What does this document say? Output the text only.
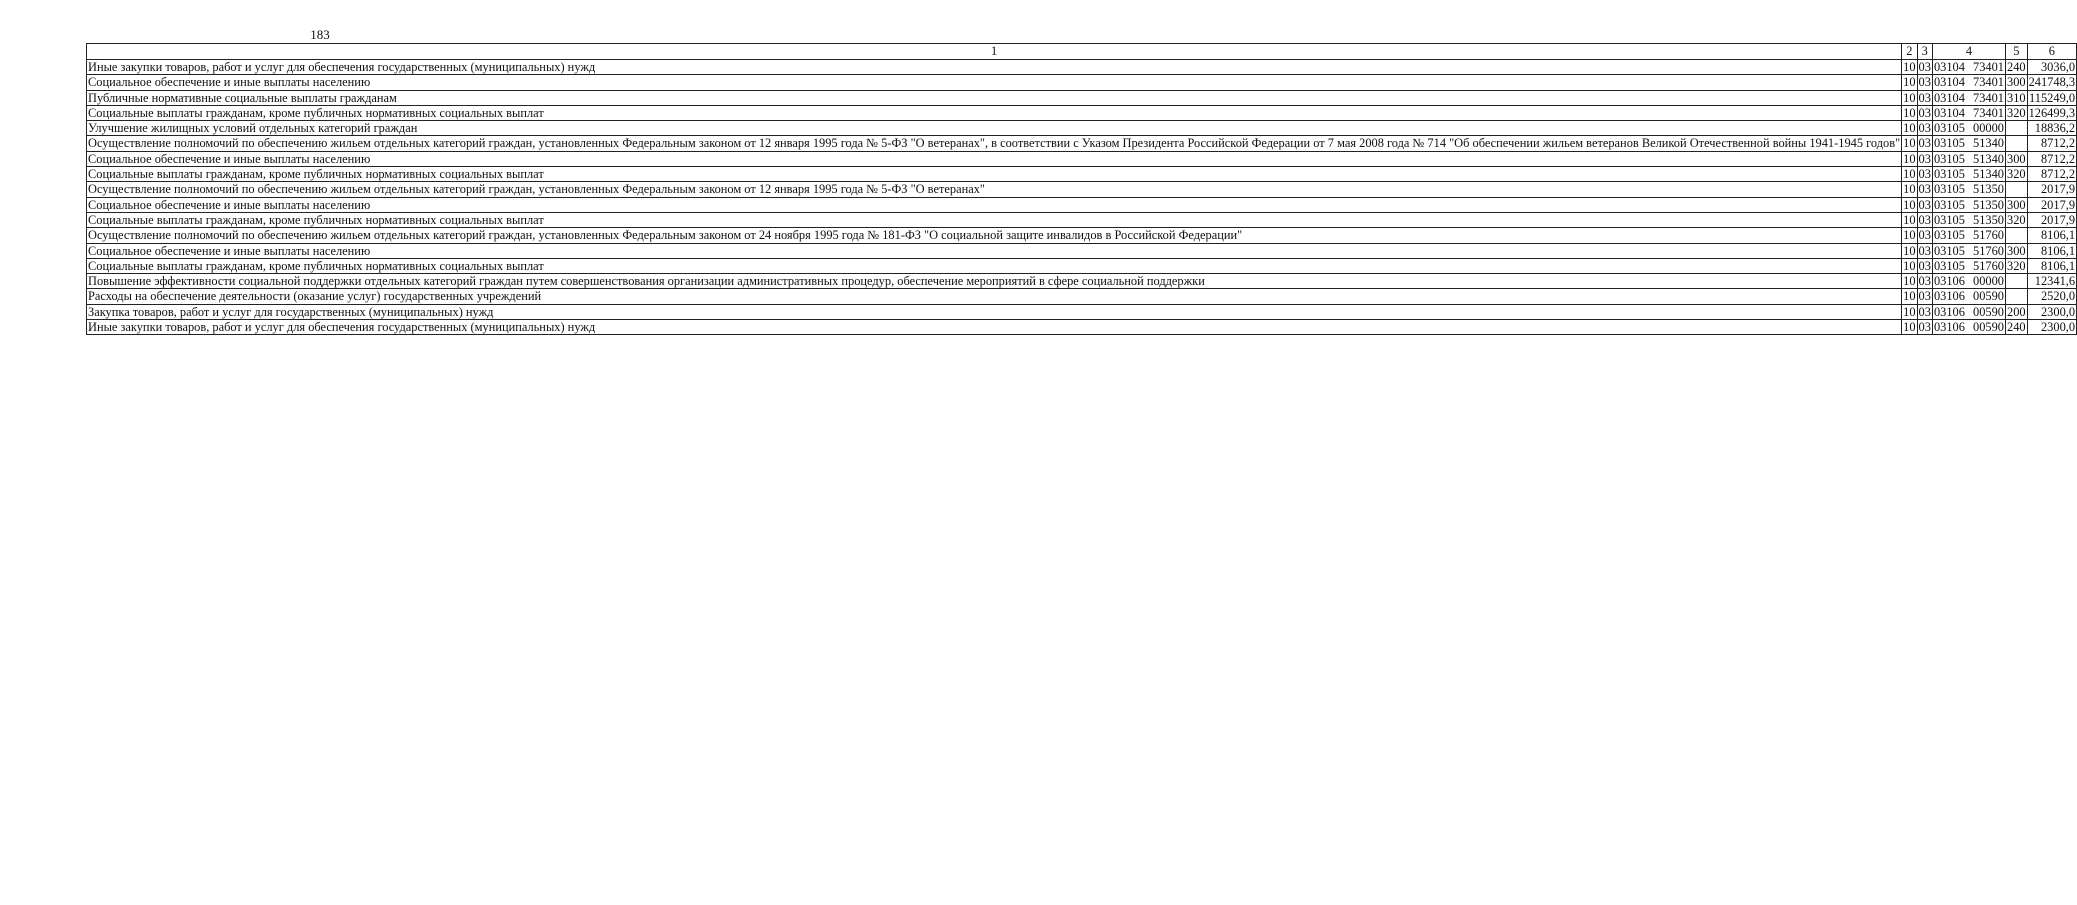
183
1	2	3	4	5	6
Иные закупки товаров, работ и услуг для обеспечения государственных (муниципальных) нужд	10	03	03104 73401	240	3036,0
Социальное обеспечение и иные выплаты населению	10	03	03104 73401	300	241748,3
Публичные нормативные социальные выплаты гражданам	10	03	03104 73401	310	115249,0
Социальные выплаты гражданам, кроме публичных нормативных социальных выплат	10	03	03104 73401	320	126499,3
Улучшение жилищных условий отдельных категорий граждан	10	03	03105 00000		18836,2
Осуществление полномочий по обеспечению жильем отдельных категорий граждан, установленных Федеральным законом от 12 января 1995 года № 5-ФЗ "О ветеранах", в соответствии с Указом Президента Российской Федерации от 7 мая 2008 года № 714 "Об обеспечении жильем ветеранов Великой Отечественной войны 1941-1945 годов"	10	03	03105 51340		8712,2
Социальное обеспечение и иные выплаты населению	10	03	03105 51340	300	8712,2
Социальные выплаты гражданам, кроме публичных нормативных социальных выплат	10	03	03105 51340	320	8712,2
Осуществление полномочий по обеспечению жильем отдельных категорий граждан, установленных Федеральным законом от 12 января 1995 года № 5-ФЗ "О ветеранах"	10	03	03105 51350		2017,9
Социальное обеспечение и иные выплаты населению	10	03	03105 51350	300	2017,9
Социальные выплаты гражданам, кроме публичных нормативных социальных выплат	10	03	03105 51350	320	2017,9
Осуществление полномочий по обеспечению жильем отдельных категорий граждан, установленных Федеральным законом от 24 ноября 1995 года № 181-ФЗ "О социальной защите инвалидов в Российской Федерации"	10	03	03105 51760		8106,1
Социальное обеспечение и иные выплаты населению	10	03	03105 51760	300	8106,1
Социальные выплаты гражданам, кроме публичных нормативных социальных выплат	10	03	03105 51760	320	8106,1
Повышение эффективности социальной поддержки отдельных категорий граждан путем совершенствования организации административных процедур, обеспечение мероприятий в сфере социальной поддержки	10	03	03106 00000		12341,6
Расходы на обеспечение деятельности (оказание услуг) государственных учреждений	10	03	03106 00590		2520,0
Закупка товаров, работ и услуг для государственных (муниципальных) нужд	10	03	03106 00590	200	2300,0
Иные закупки товаров, работ и услуг для обеспечения государственных (муниципальных) нужд	10	03	03106 00590	240	2300,0
